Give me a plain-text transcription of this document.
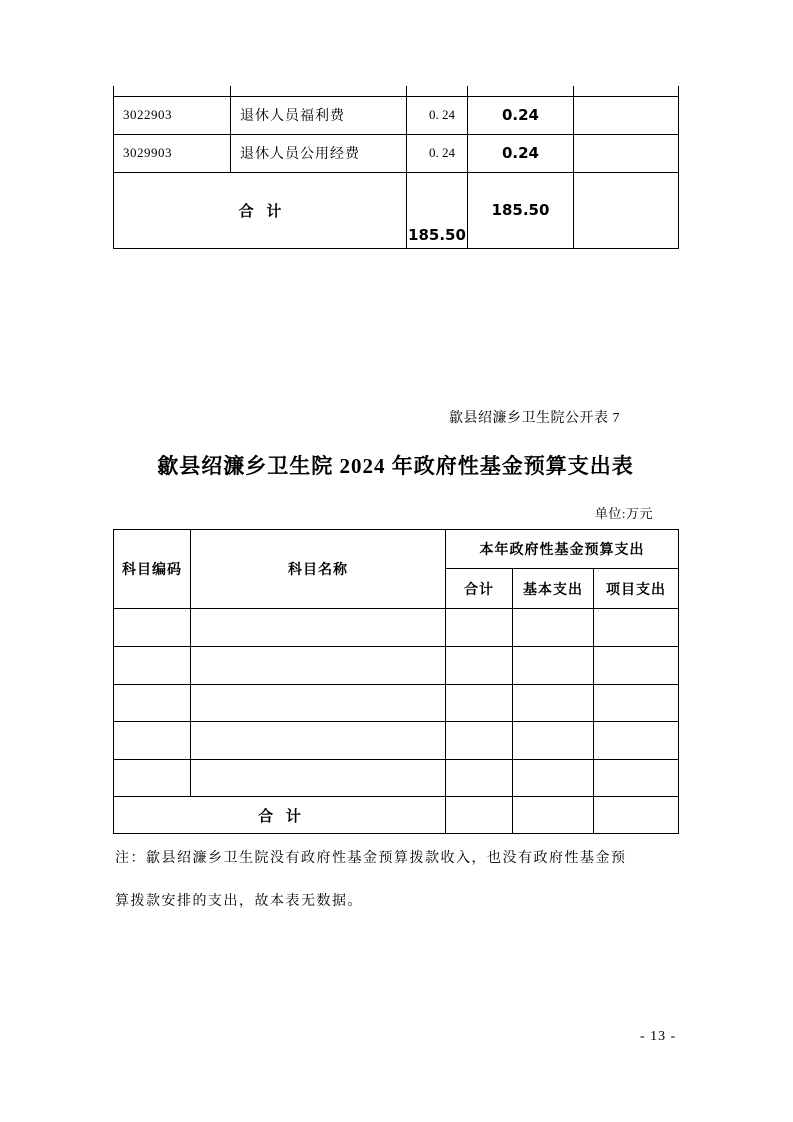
3022903	退休人员福利费	0. 24	0.24	
3029903	退休人员公用经费	0. 24	0.24	
合 计		185.50	185.50	
歙县绍濂乡卫生院公开表 7
歙县绍濂乡卫生院 2024 年政府性基金预算支出表
单位:万元
科目编码	科目名称	本年政府性基金预算支出		
		合计	基本支出	项目支出

合 计				
注：歙县绍濂乡卫生院没有政府性基金预算拨款收入，也没有政府性基金预
算拨款安排的支出，故本表无数据。
- 13 -
